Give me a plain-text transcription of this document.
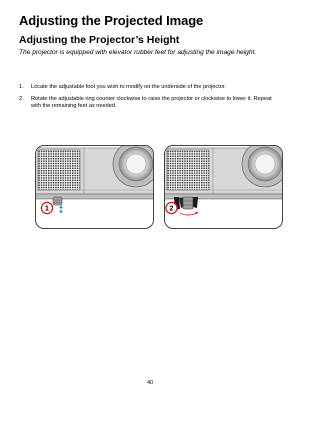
Adjusting the Projected Image
Adjusting the Projector’s Height

The projector is equipped with elevator rubber feet for adjusting the image height.

1. Locate the adjustable foot you wish to modify on the underside of the projector.
2. Rotate the adjustable ring counter clockwise to raise the projector or clockwise to lower it. Repeat with the remaining feet as needed.
1	2
40
